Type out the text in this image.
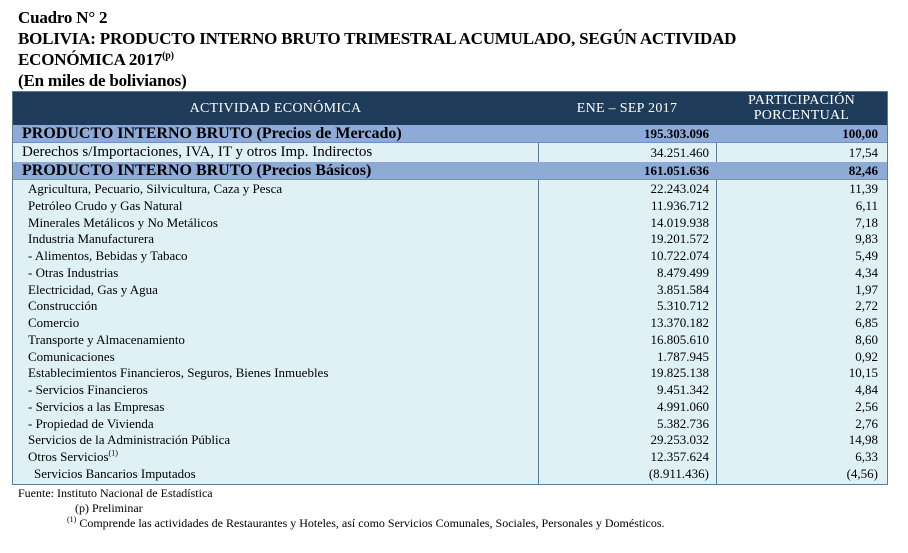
Cuadro N° 2
BOLIVIA: PRODUCTO INTERNO BRUTO TRIMESTRAL ACUMULADO, SEGÚN ACTIVIDAD
ECONÓMICA 2017$^{(p)}$
(En miles de bolivianos)
ACTIVIDAD ECONÓMICA	ENE – SEP 2017
PARTICIPACIÓN
PORCENTUAL
PRODUCTO INTERNO BRUTO (Precios de Mercado)	195.303.096	100,00
Derechos s/Importaciones, IVA, IT y otros Imp. Indirectos	34.251.460	17,54
PRODUCTO INTERNO BRUTO (Precios Básicos)	161.051.636	82,46
Agricultura, Pecuario, Silvicultura, Caza y Pesca	22.243.024	11,39
Petróleo Crudo y Gas Natural	11.936.712	6,11
Minerales Metálicos y No Metálicos	14.019.938	7,18
Industria Manufacturera	19.201.572	9,83
- Alimentos, Bebidas y Tabaco	10.722.074	5,49
- Otras Industrias	8.479.499	4,34
Electricidad, Gas y Agua	3.851.584	1,97
Construcción	5.310.712	2,72
Comercio	13.370.182	6,85
Transporte y Almacenamiento	16.805.610	8,60
Comunicaciones	1.787.945	0,92
Establecimientos Financieros, Seguros, Bienes Inmuebles	19.825.138	10,15
- Servicios Financieros	9.451.342	4,84
- Servicios a las Empresas	4.991.060	2,56
- Propiedad de Vivienda	5.382.736	2,76
Servicios de la Administración Pública	29.253.032	14,98
Otros Servicios$^{(1)}$	12.357.624	6,33
Servicios Bancarios Imputados	(8.911.436)	(4,56)
Fuente: Instituto Nacional de Estadística
(p) Preliminar
$^{(1)}$ Comprende las actividades de Restaurantes y Hoteles, así como Servicios Comunales, Sociales, Personales y Domésticos.
